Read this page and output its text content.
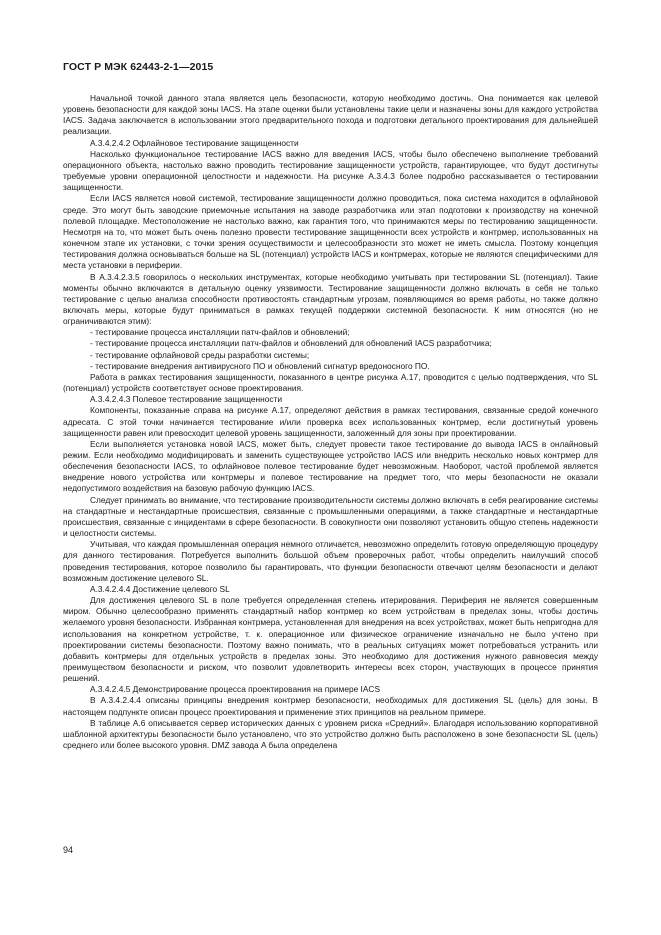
ГОСТ Р МЭК 62443-2-1—2015

Начальной точкой данного этапа является цель безопасности, которую необходимо достичь. Она понимается как целевой уровень безопасности для каждой зоны IACS. На этапе оценки были установлены такие цели и назначены зоны для каждого устройства IACS. Задача заключается в использовании этого предварительного похода и подготовки детального проектирования для дальнейшей реализации.

A.3.4.2.4.2 Офлайновое тестирование защищенности

Насколько функциональное тестирование IACS важно для введения IACS, чтобы было обеспечено выполнение требований операционного объекта, настолько важно проводить тестирование защищенности устройств, гарантирующее, что будут достигнуты требуемые уровни операционной целостности и надежности. На рисунке A.3.4.3 более подробно рассказывается о тестировании защищенности.

Если IACS является новой системой, тестирование защищенности должно проводиться, пока система находится в офлайновой среде. Это могут быть заводские приемочные испытания на заводе разработчика или этап подготовки к производству на конечной полевой площадке. Местоположение не настолько важно, как гарантия того, что принимаются меры по тестированию защищенности. Несмотря на то, что может быть очень полезно провести тестирование защищенности всех устройств и контрмер, использованных на конечном этапе их установки, с точки зрения осуществимости и целесообразности это может не иметь смысла. Поэтому концепция тестирования должна основываться больше на SL (потенциал) устройств IACS и контрмерах, которые не являются специфическими для места установки в периферии.

В A.3.4.2.3.5 говорилось о нескольких инструментах, которые необходимо учитывать при тестировании SL (потенциал). Такие моменты обычно включаются в детальную оценку уязвимости. Тестирование защищенности должно включать в себя не только тестирование с целью анализа способности противостоять стандартным угрозам, появляющимся во время работы, но также должно включать меры, которые будут приниматься в рамках текущей поддержки системной безопасности. К ним относятся (но не ограничиваются этим):

- тестирование процесса инсталляции патч-файлов и обновлений;

- тестирование процесса инсталляции патч-файлов и обновлений для обновлений IACS разработчика;

- тестирование офлайновой среды разработки системы;

- тестирование внедрения антивирусного ПО и обновлений сигнатур вредоносного ПО.

Работа в рамках тестирования защищенности, показанного в центре рисунка A.17, проводится с целью подтверждения, что SL (потенциал) устройств соответствует основе проектирования.

A.3.4.2.4.3 Полевое тестирование защищенности

Компоненты, показанные справа на рисунке A.17, определяют действия в рамках тестирования, связанные средой конечного адресата. С этой точки начинается тестирование и/или проверка всех использованных контрмер, если достигнутый уровень защищенности равен или превосходит целевой уровень защищенности, заложенный для зоны при проектировании.

Если выполняется установка новой IACS, может быть, следует провести такое тестирование до вывода IACS в онлайновый режим. Если необходимо модифицировать и заменить существующее устройство IACS или внедрить несколько новых контрмер для обеспечения безопасности IACS, то офлайновое полевое тестирование будет невозможным. Наоборот, частой проблемой является внедрение нового устройства или контрмеры и полевое тестирование на предмет того, что меры безопасности не оказали недопустимого воздействия на базовую рабочую функцию IACS.

Следует принимать во внимание, что тестирование производительности системы должно включать в себя реагирование системы на стандартные и нестандартные происшествия, связанные с промышленными операциями, а также стандартные и нестандартные происшествия, связанные с инцидентами в сфере безопасности. В совокупности они позволяют установить общую степень надежности и целостности системы.

Учитывая, что каждая промышленная операция немного отличается, невозможно определить готовую определяющую процедуру для данного тестирования. Потребуется выполнить большой объем проверочных работ, чтобы определить наилучший способ проведения тестирования, которое позволило бы гарантировать, что функции безопасности отвечают целям безопасности и делают возможным достижение целевого SL.

A.3.4.2.4.4 Достижение целевого SL

Для достижения целевого SL в поле требуется определенная степень итерирования. Периферия не является совершенным миром. Обычно целесообразно применять стандартный набор контрмер ко всем устройствам в пределах зоны, чтобы достичь желаемого уровня безопасности. Избранная контрмера, установленная для внедрения на всех устройствах, может быть непригодна для использования на конкретном устройстве, т. к. операционное или физическое ограничение изначально не было учтено при проектировании системы безопасности. Поэтому важно понимать, что в реальных ситуациях может потребоваться устранить или добавить контрмеры для отдельных устройств в пределах зоны. Это необходимо для достижения нужного равновесия между преимуществом безопасности и риском, что позволит удовлетворить интересы всех сторон, участвующих в процессе принятия решений.

A.3.4.2.4.5 Демонстрирование процесса проектирования на примере IACS

В A.3.4.2.4.4 описаны принципы внедрения контрмер безопасности, необходимых для достижения SL (цель) для зоны. В настоящем подпункте описан процесс проектирования и применение этих принципов на реальном примере.

В таблице A.6 описывается сервер исторических данных с уровнем риска «Средний». Благодаря использованию корпоративной шаблонной архитектуры безопасности было установлено, что это устройство должно быть расположено в зоне безопасности SL (цель) среднего или более высокого уровня. DMZ завода A была определена

94
